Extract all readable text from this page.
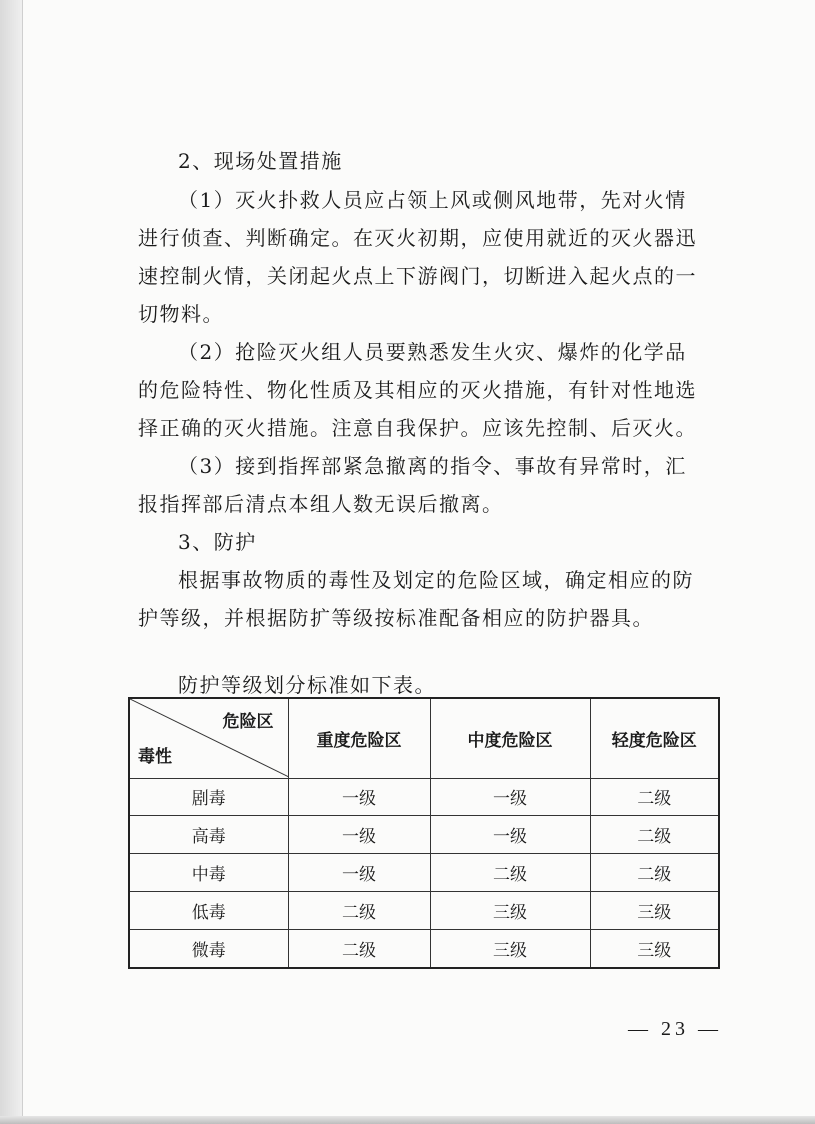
2、现场处置措施
（1）灭火扑救人员应占领上风或侧风地带，先对火情
进行侦查、判断确定。在灭火初期，应使用就近的灭火器迅
速控制火情，关闭起火点上下游阀门，切断进入起火点的一
切物料。
（2）抢险灭火组人员要熟悉发生火灾、爆炸的化学品
的危险特性、物化性质及其相应的灭火措施，有针对性地选
择正确的灭火措施。注意自我保护。应该先控制、后灭火。
（3）接到指挥部紧急撤离的指令、事故有异常时，汇
报指挥部后清点本组人数无误后撤离。
3、防护
根据事故物质的毒性及划定的危险区域，确定相应的防
护等级，并根据防扩等级按标准配备相应的防护器具。
防护等级划分标准如下表。
危险区
毒性	重度危险区	中度危险区	轻度危险区
剧毒	一级	一级	二级
高毒	一级	一级	二级
中毒	一级	二级	二级
低毒	二级	三级	三级
微毒	二级	三级	三级
— 23 —
